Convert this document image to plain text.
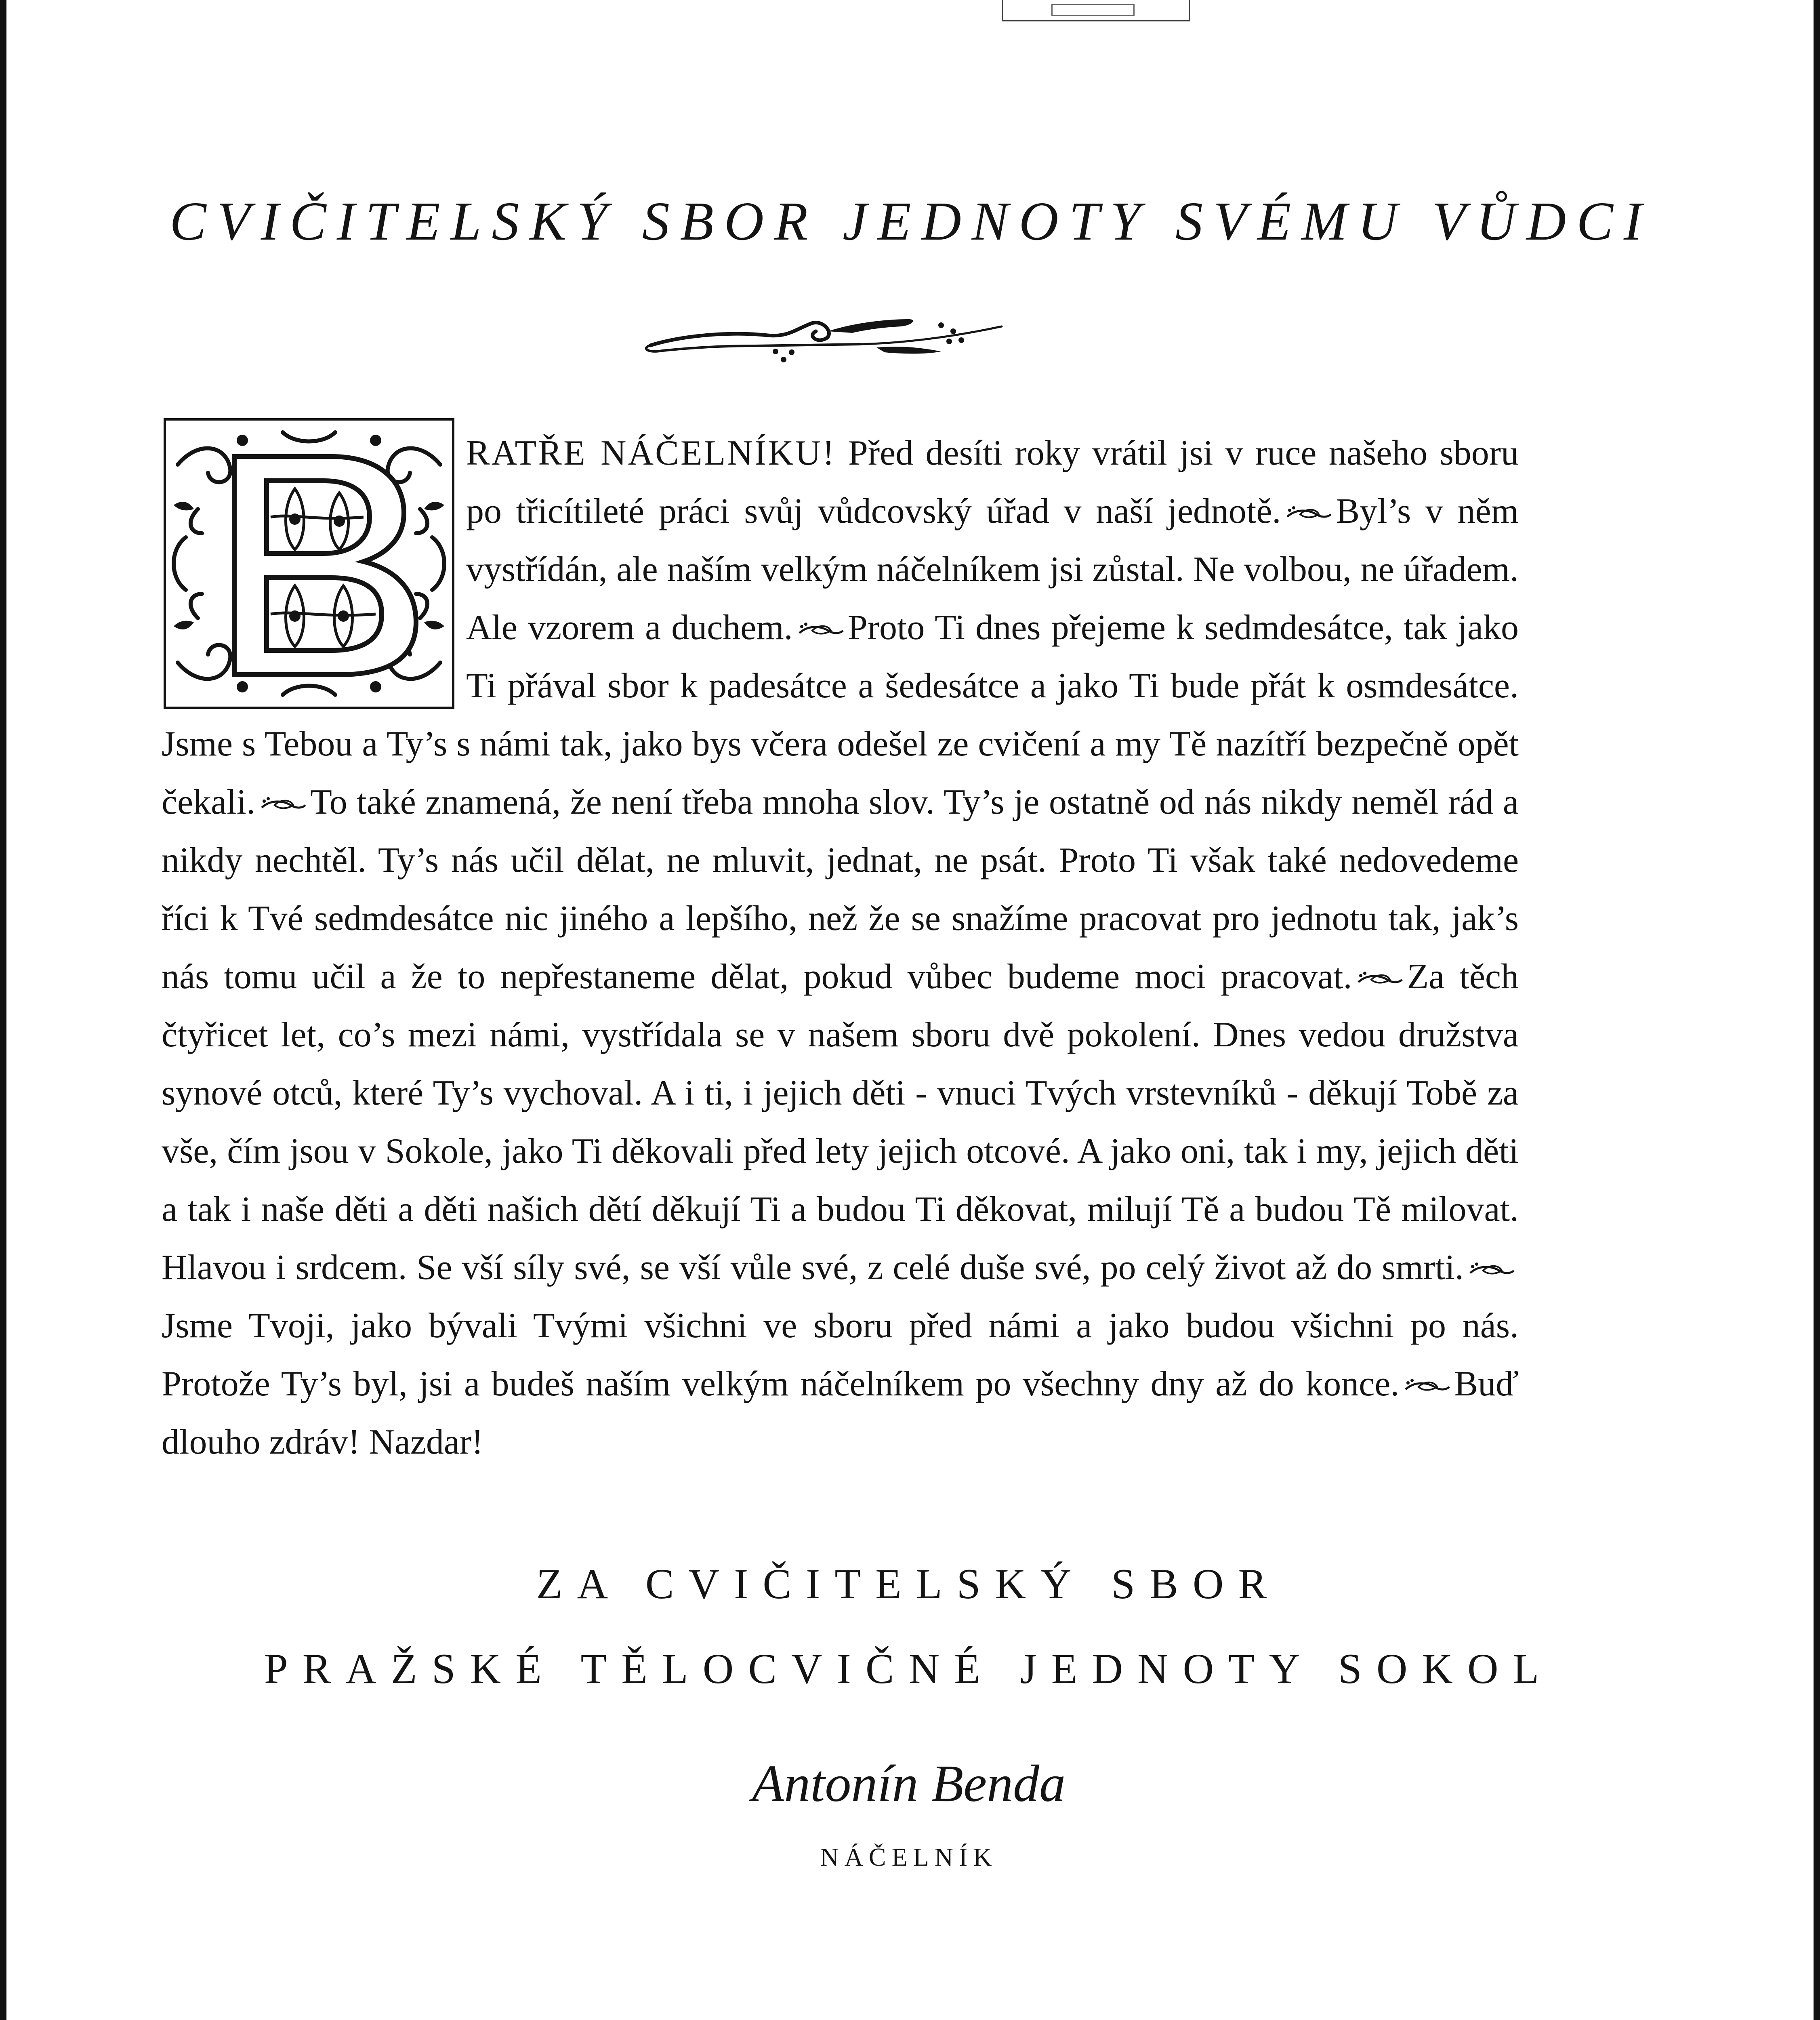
CVIČITELSKÝ SBOR JEDNOTY SVÉMU VŮDCI
RATŘE NÁČELNÍKU! Před desíti roky vrátil jsi v ruce našeho sboru po třicítileté práci svůj vůdcovský úřad v naší jednotě. Byl’s v něm vystřídán, ale naším velkým náčelníkem jsi zůstal. Ne volbou, ne úřadem. Ale vzorem a duchem. Proto Ti dnes přejeme k sedmdesátce, tak jako Ti přával sbor k padesátce a šedesátce a jako Ti bude přát k osmdesátce. Jsme s Tebou a Ty’s s námi tak, jako bys včera odešel ze cvičení a my Tě nazítří bezpečně opět čekali. To také znamená, že není třeba mnoha slov. Ty’s je ostatně od nás nikdy neměl rád a nikdy nechtěl. Ty’s nás učil dělat, ne mluvit, jednat, ne psát. Proto Ti však také nedovedeme říci k Tvé sedmdesátce nic jiného a lepšího, než že se snažíme pracovat pro jednotu tak, jak’s nás tomu učil a že to nepřestaneme dělat, pokud vůbec budeme moci pracovat. Za těch čtyřicet let, co’s mezi námi, vystřídala se v našem sboru dvě pokolení. Dnes vedou družstva synové otců, které Ty’s vychoval. A i ti, i jejich děti - vnuci Tvých vrstevníků - děkují Tobě za vše, čím jsou v Sokole, jako Ti děkovali před lety jejich otcové. A jako oni, tak i my, jejich děti a tak i naše děti a děti našich dětí děkují Ti a budou Ti děkovat, milují Tě a budou Tě milovat. Hlavou i srdcem. Se vší síly své, se vší vůle své, z celé duše své, po celý život až do smrti.Jsme Tvoji, jako bývali Tvými všichni ve sboru před námi a jako budou všichni po nás. Protože Ty’s byl, jsi a budeš naším velkým náčelníkem po všechny dny až do konce. Buď dlouho zdráv! Nazdar!
ZA CVIČITELSKÝ SBOR
PRAŽSKÉ TĚLOCVIČNÉ JEDNOTY SOKOL
Antonín Benda
NÁČELNÍK
